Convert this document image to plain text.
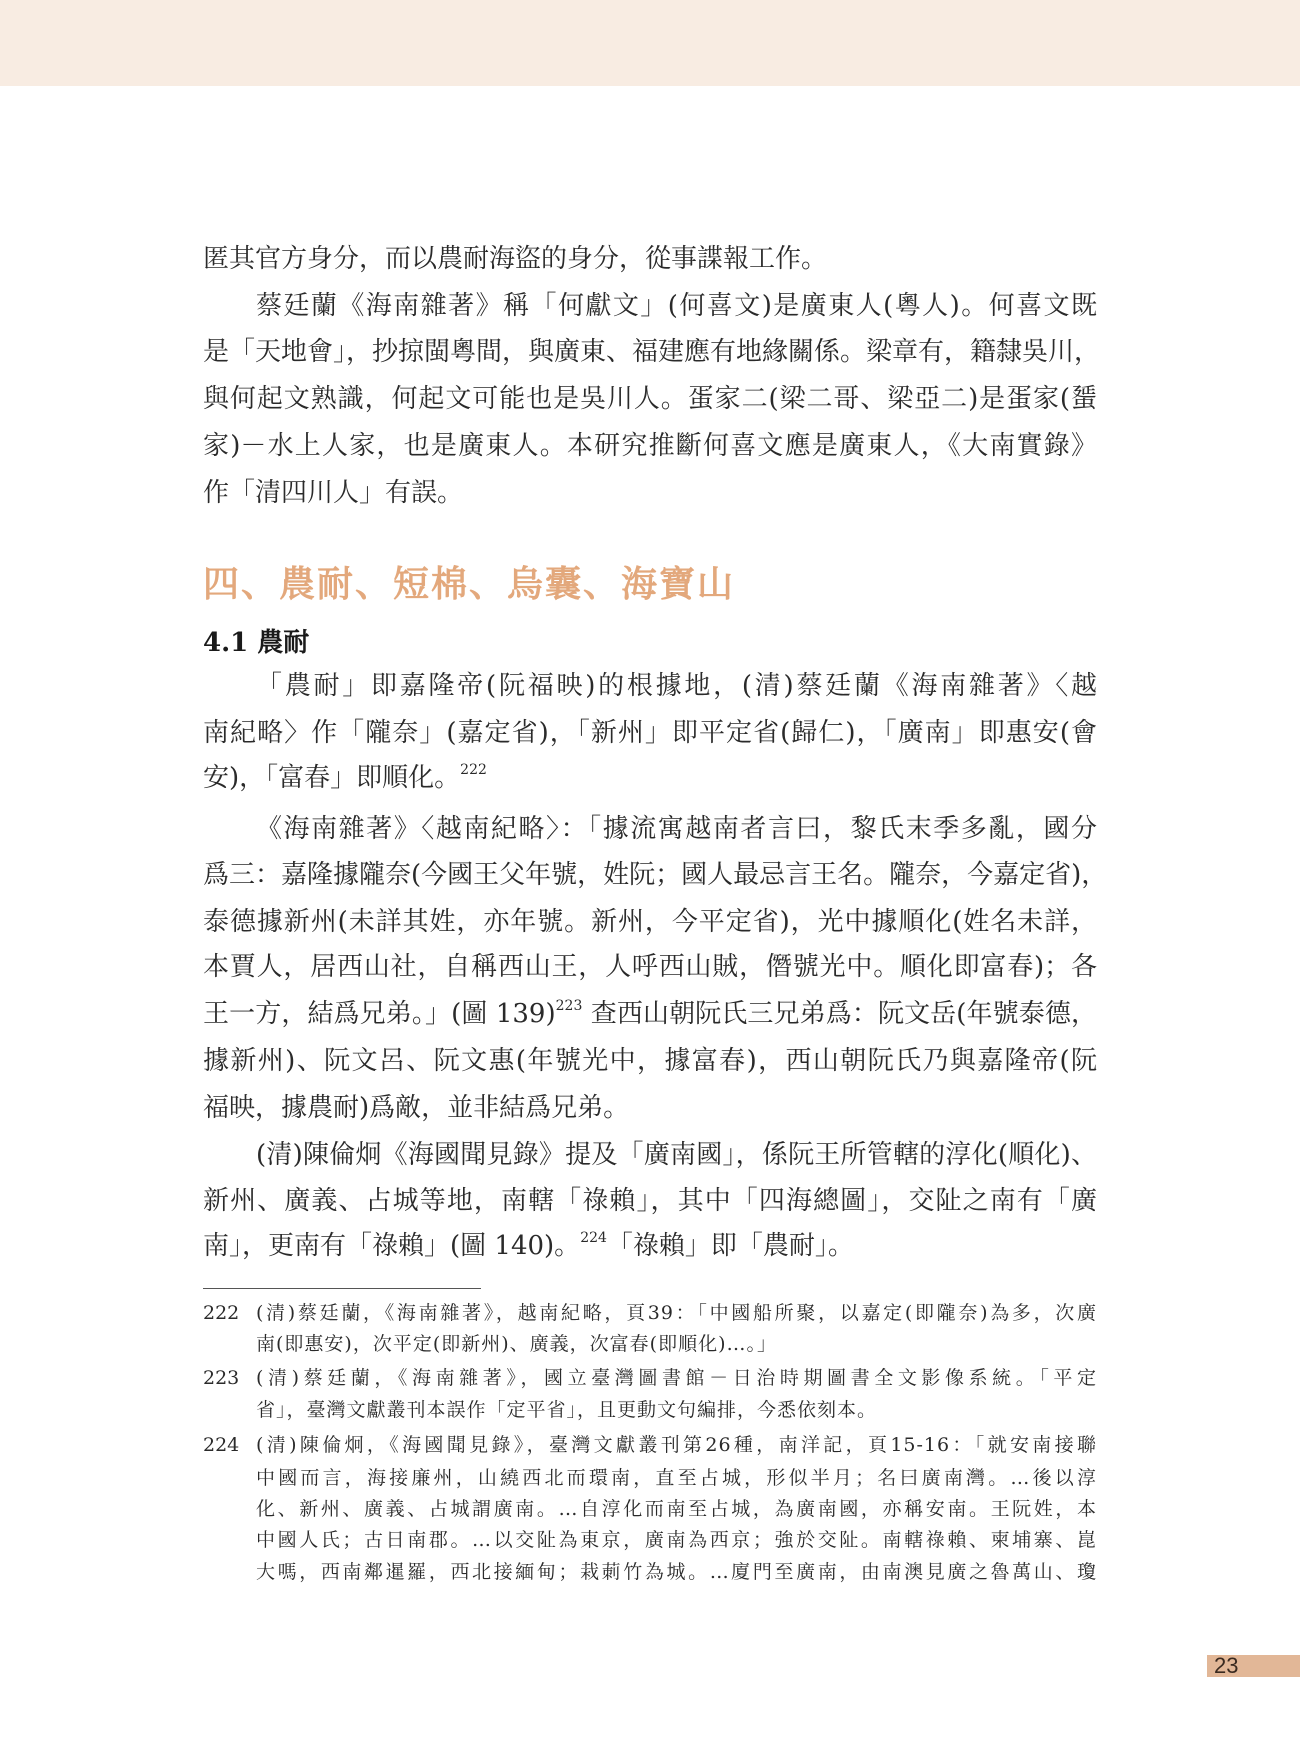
匿其官方身分，而以農耐海盜的身分，從事諜報工作。
蔡廷蘭《海南雜著》稱「何獻文」(何喜文)是廣東人(粵人)。何喜文既
是「天地會」，抄掠閩粵間，與廣東、福建應有地緣關係。梁章有，籍隸吳川，
與何起文熟識，何起文可能也是吳川人。蛋家二(梁二哥、梁亞二)是蛋家(蜑
家)－水上人家，也是廣東人。本研究推斷何喜文應是廣東人，《大南實錄》
作「清四川人」有誤。
四、農耐、短棉、烏囊、海寶山
4.1 農耐
「農耐」即嘉隆帝(阮福映)的根據地，(清)蔡廷蘭《海南雜著》〈越
南紀略〉作「隴奈」(嘉定省)，「新州」即平定省(歸仁)，「廣南」即惠安(會
安)，「富春」即順化。$^{222}$
《海南雜著》〈越南紀略〉：「據流寓越南者言曰，黎氏末季多亂，國分
爲三：嘉隆據隴奈(今國王父年號，姓阮；國人最忌言王名。隴奈，今嘉定省)，
泰德據新州(未詳其姓，亦年號。新州，今平定省)，光中據順化(姓名未詳，
本賈人，居西山社，自稱西山王，人呼西山賊，僭號光中。順化即富春)；各
王一方，結爲兄弟。」(圖 139)$^{223}$ 查西山朝阮氏三兄弟爲：阮文岳(年號泰德，
據新州)、阮文呂、阮文惠(年號光中，據富春)，西山朝阮氏乃與嘉隆帝(阮
福映，據農耐)爲敵，並非結爲兄弟。
(清)陳倫炯《海國聞見錄》提及「廣南國」，係阮王所管轄的淳化(順化)、
新州、廣義、占城等地，南轄「祿賴」，其中「四海總圖」，交阯之南有「廣
南」，更南有「祿賴」(圖 140)。$^{224}$「祿賴」即「農耐」。
222 (清)蔡廷蘭，《海南雜著》，越南紀略，頁39：「中國船所聚，以嘉定(即隴奈)為多，次廣
南(即惠安)，次平定(即新州)、廣義，次富春(即順化)…。」
223 (清)蔡廷蘭，《海南雜著》，國立臺灣圖書館－日治時期圖書全文影像系統。「平定
省」，臺灣文獻叢刊本誤作「定平省」，且更動文句編排，今悉依刻本。
224 (清)陳倫炯，《海國聞見錄》，臺灣文獻叢刊第26種，南洋記，頁15-16：「就安南接聯
中國而言，海接廉州，山繞西北而環南，直至占城，形似半月；名曰廣南灣。…後以淳
化、新州、廣義、占城謂廣南。…自淳化而南至占城，為廣南國，亦稱安南。王阮姓，本
中國人氏；古日南郡。…以交阯為東京，廣南為西京；強於交阯。南轄祿賴、柬埔寨、崑
大嗎，西南鄰暹羅，西北接緬甸；栽莿竹為城。…廈門至廣南，由南澳見廣之魯萬山、瓊
23
